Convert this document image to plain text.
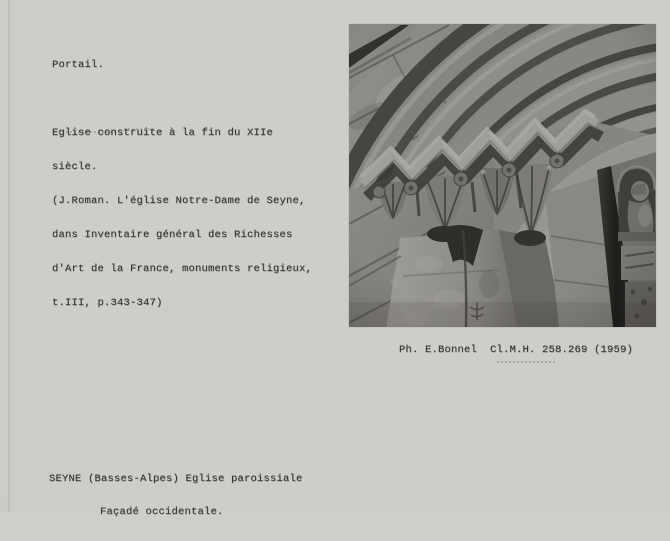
Portail.

Eglise construite à la fin du XIIe

siècle.

(J.Roman. L'église Notre-Dame de Seyne,

dans Inventaire général des Richesses

d'Art de la France, monuments religieux,

t.III, p.343-347)

Ph. E.Bonnel  Cl.M.H. 258.269 (1959)

SEYNE (Basses-Alpes) Eglise paroissiale

Façadé occidentale.
